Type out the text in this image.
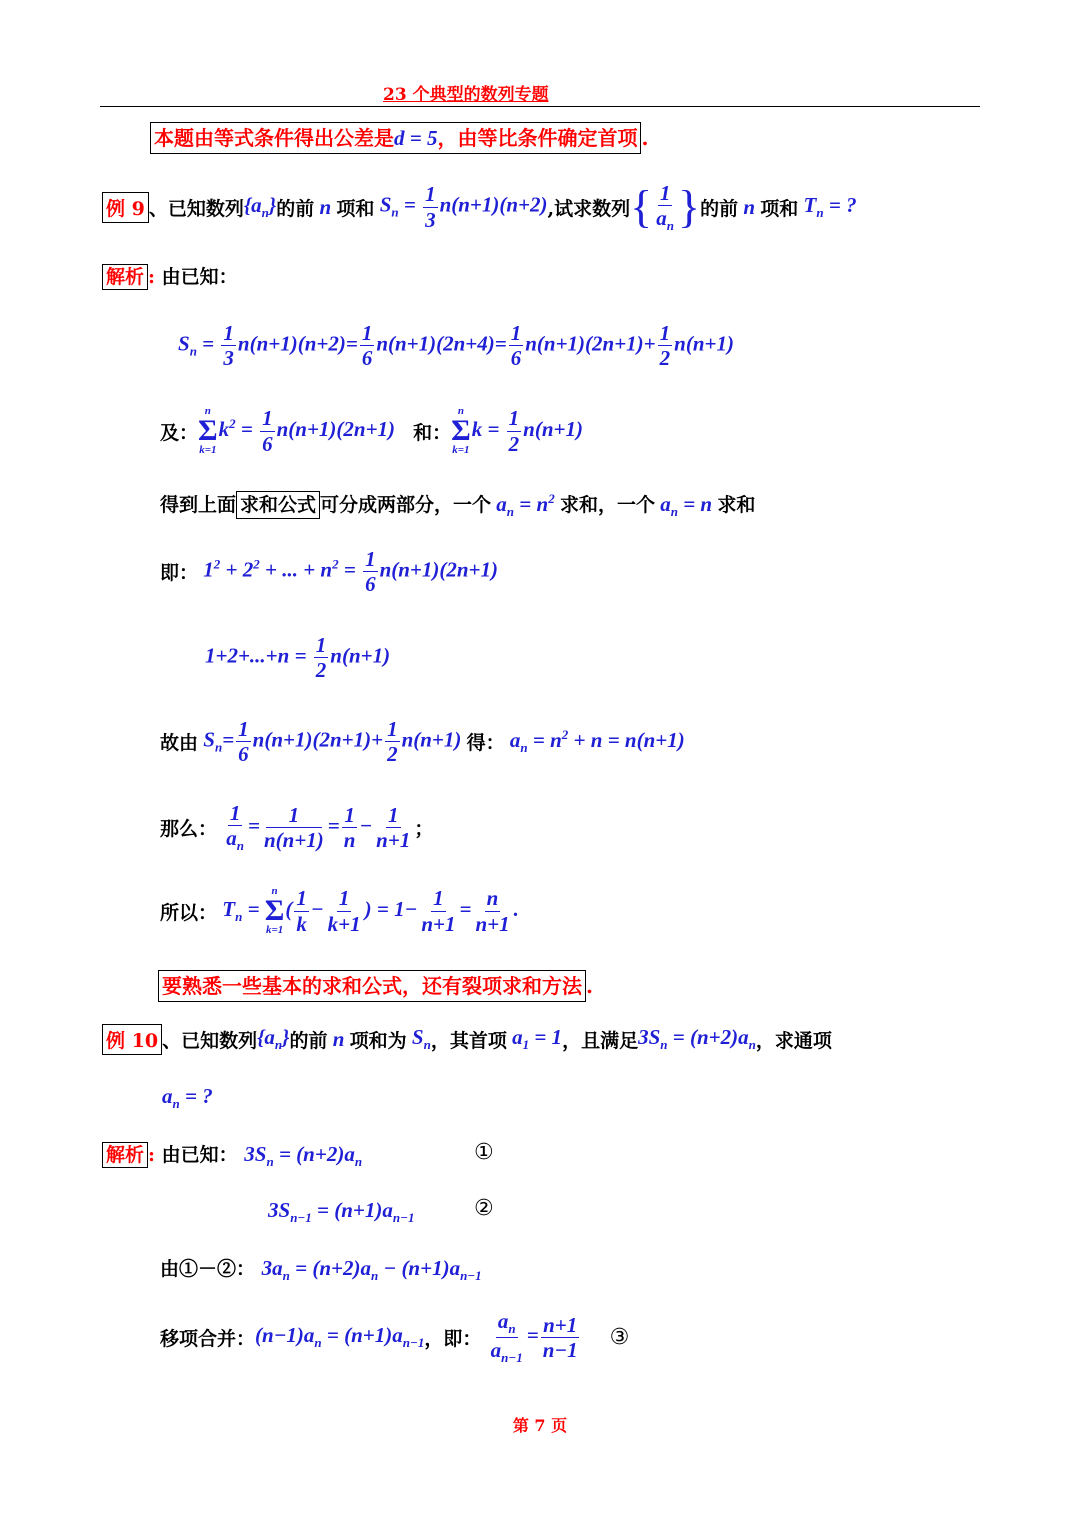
23 个典型的数列专题
本题由等式条件得出公差是d = 5，由等比条件确定首项 .
例 9 、已知数列 $\{a_n\}$ 的前 n 项和 $S_n = \frac{1}{3} n(n+1)(n+2)$ ,试求数列 { $\frac{1}{a_n}$ } 的前 n 项和 $T_n$ = ?
解析 : 由已知：
$S_n = \frac{1}{3} n(n+1)(n+2)= \frac{1}{6} n(n+1)(2n+4)= \frac{1}{6} n(n+1)(2n+1)+ \frac{1}{2} n(n+1)$
及：
n
Σ
k=1
$k^2 = \frac{1}{6} n(n+1)(2n+1)$ 和：
n
Σ
k=1
$k = \frac{1}{2} n(n+1)$
得到上面 求和公式 可分成两部分，一个 $a_n = n^2$ 求和，一个 $a_n = n$ 求和
即： $1^2 + 2^2$ + ... + $n^2 = \frac{1}{6} n(n+1)(2n+1)$
$1+2+...+n = \frac{1}{2} n(n+1)$
故由 $S_n= \frac{1}{6} n(n+1)(2n+1)+ \frac{1}{2} n(n+1)$ 得： $a_n = n^2 + n = n(n+1)$
那么：
$\frac{1}{a_n} = \frac{1}{n(n+1)} = \frac{1}{n} - \frac{1}{n+1}$ ；
所以： $T_n$ =
n
Σ
k=1
( $\frac{1}{k} - \frac{1}{k+1}$ ) = $1- \frac{1}{n+1} = \frac{n}{n+1}$ .
要熟悉一些基本的求和公式，还有裂项求和方法 .
例 10 、已知数列 $\{a_n\}$ 的前 n 项和为 $S_n$ ，其首项 $a_1 = 1$ ，且满足 $3S_n = (n+2)a_n$ ，求通项
$a_n$ = ?
解析 : 由已知： $3S_n = (n+2)a_n$	①
$3S_{n-1} = (n+1)a_{n-1}$	②
由①－②： $3a_n = (n+2)a_n - (n+1)a_{n-1}$
移项合并： $(n-1)a_n = (n+1)a_{n-1}$ ，即：
$\frac{a_n}{a_{n-1}} = \frac{n+1}{n-1}$ ③
第 7 页
